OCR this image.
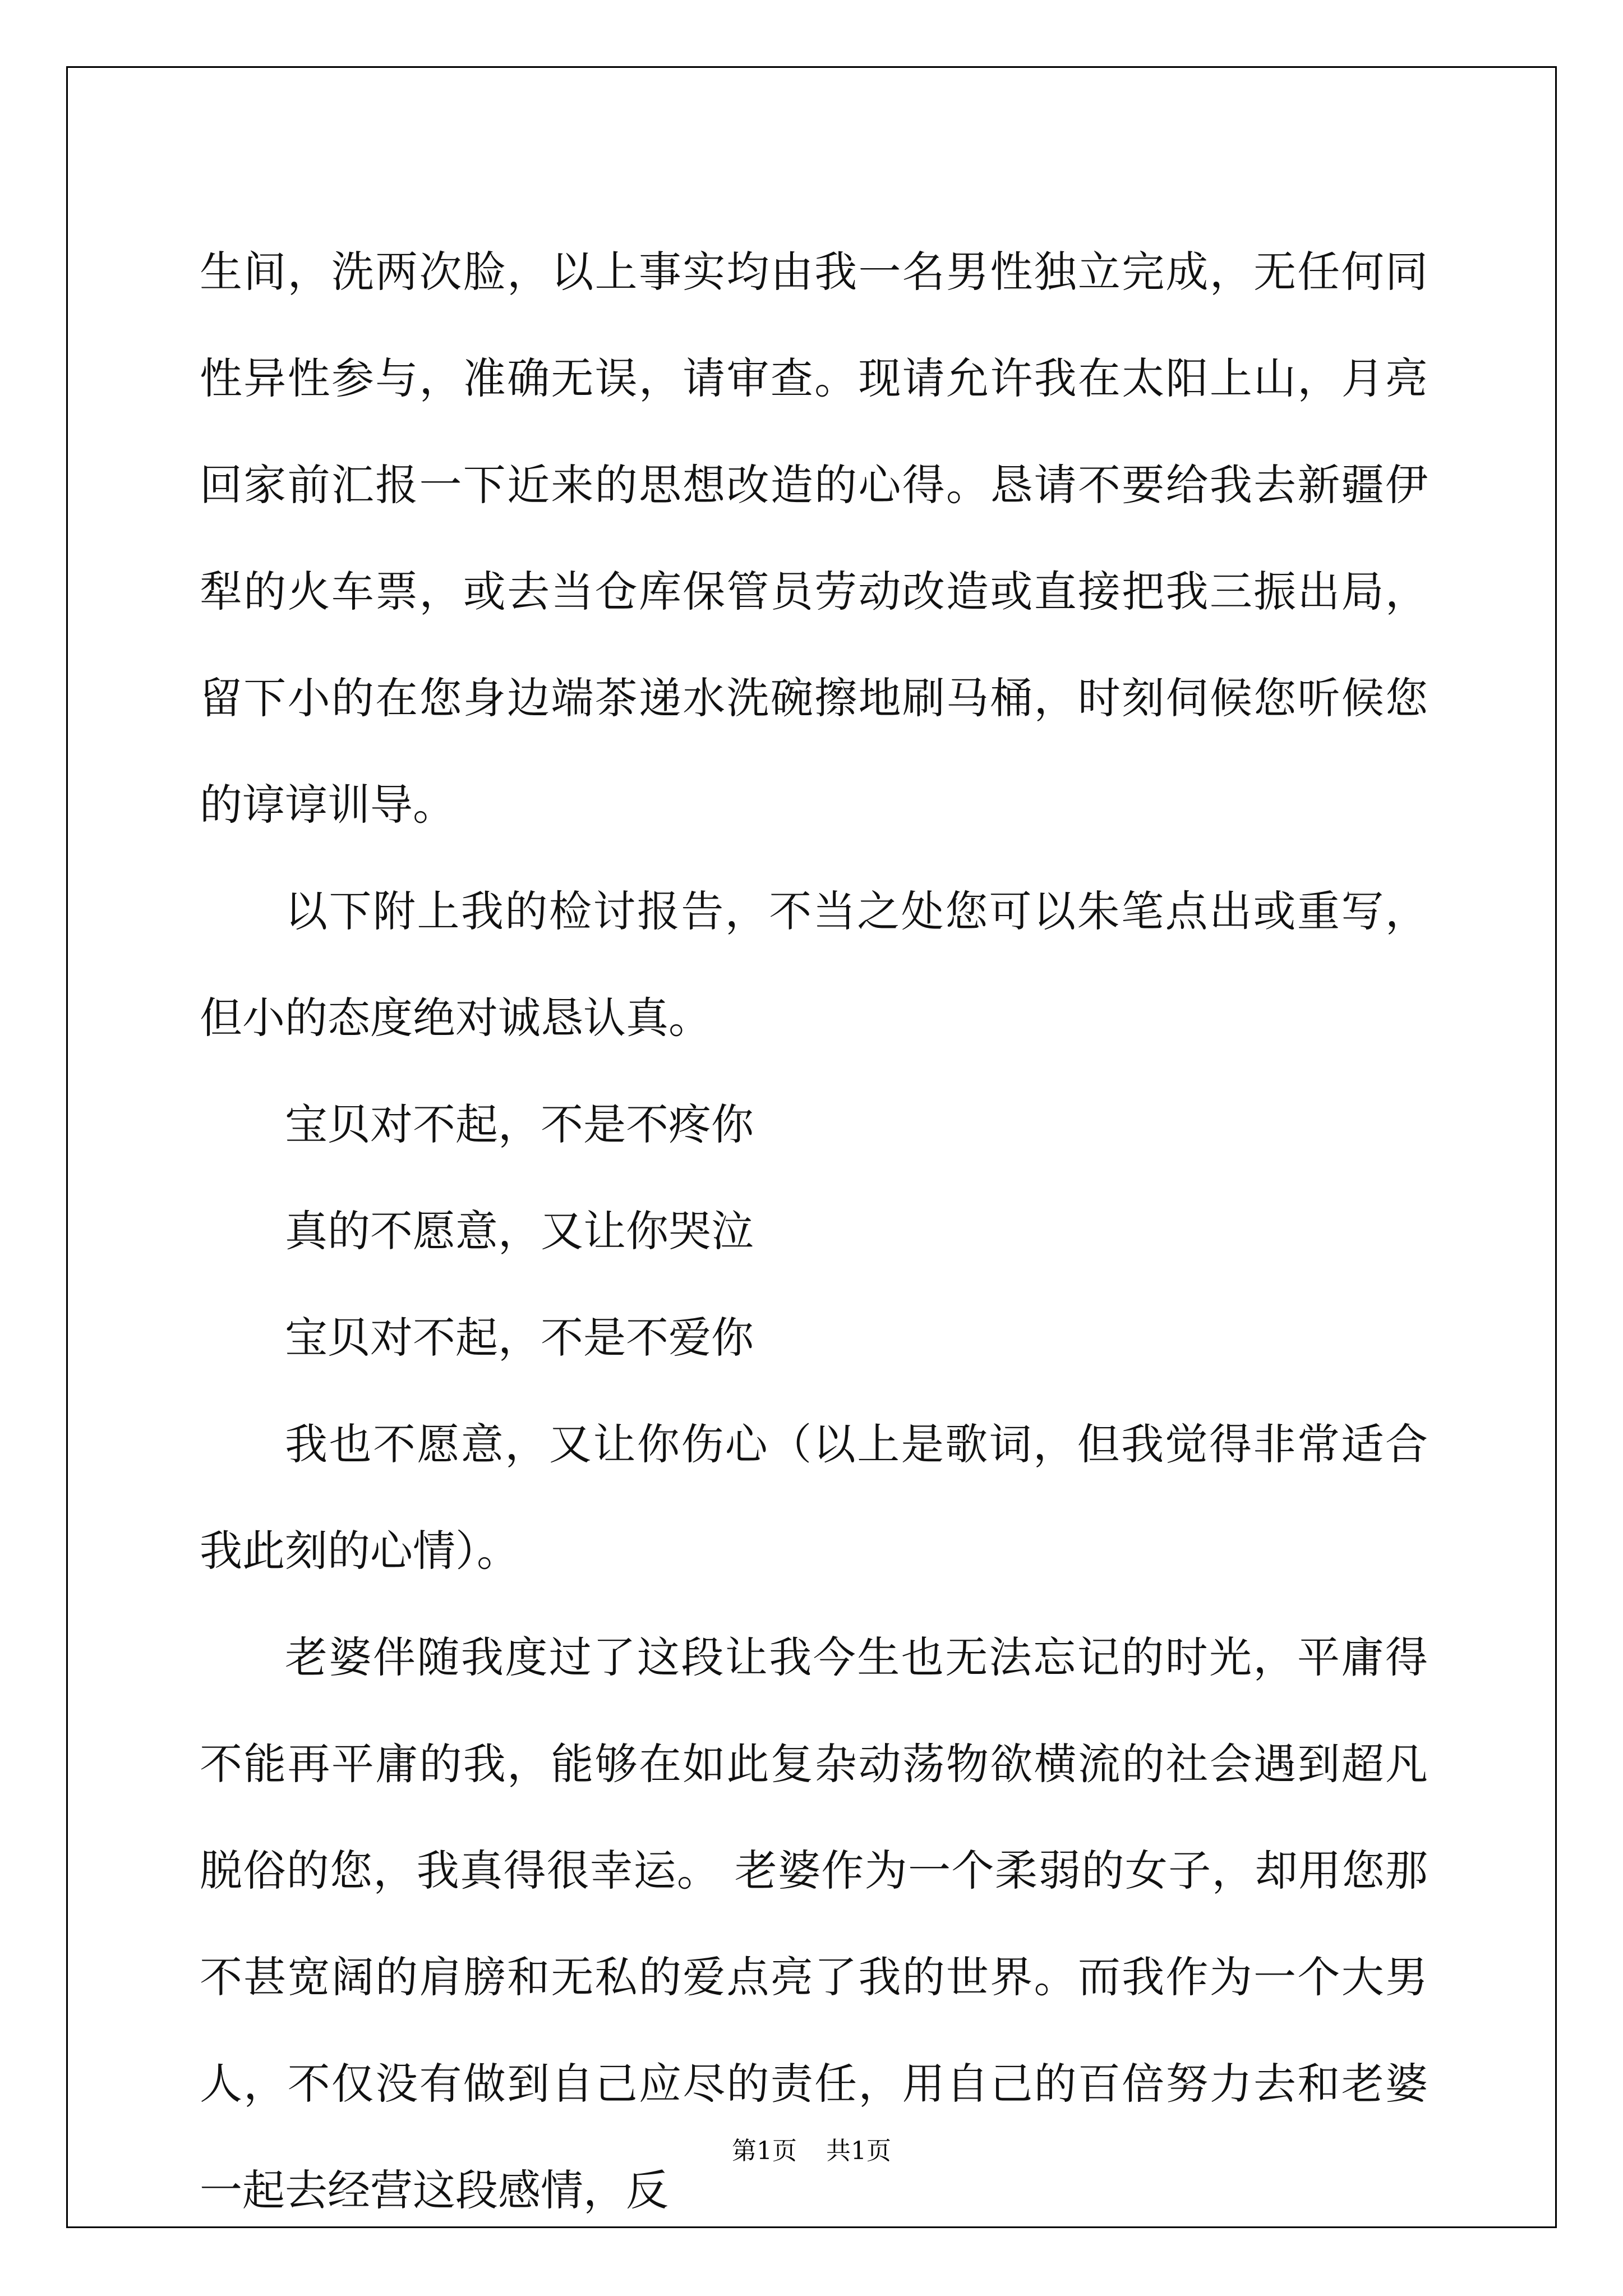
生间，洗两次脸，以上事实均由我一名男性独立完成，无任何同性异性参与，准确无误，请审查。现请允许我在太阳上山，月亮回家前汇报一下近来的思想改造的心得。恳请不要给我去新疆伊犁的火车票，或去当仓库保管员劳动改造或直接把我三振出局，留下小的在您身边端茶递水洗碗擦地刷马桶，时刻伺候您听候您的谆谆训导。

以下附上我的检讨报告，不当之处您可以朱笔点出或重写，但小的态度绝对诚恳认真。

宝贝对不起，不是不疼你

真的不愿意，又让你哭泣

宝贝对不起，不是不爱你

我也不愿意，又让你伤心（以上是歌词，但我觉得非常适合我此刻的心情）。

老婆伴随我度过了这段让我今生也无法忘记的时光，平庸得不能再平庸的我，能够在如此复杂动荡物欲横流的社会遇到超凡脱俗的您，我真得很幸运。 老婆作为一个柔弱的女子，却用您那不甚宽阔的肩膀和无私的爱点亮了我的世界。而我作为一个大男人，不仅没有做到自己应尽的责任，用自己的百倍努力去和老婆一起去经营这段感情，反

第1页 共1页
